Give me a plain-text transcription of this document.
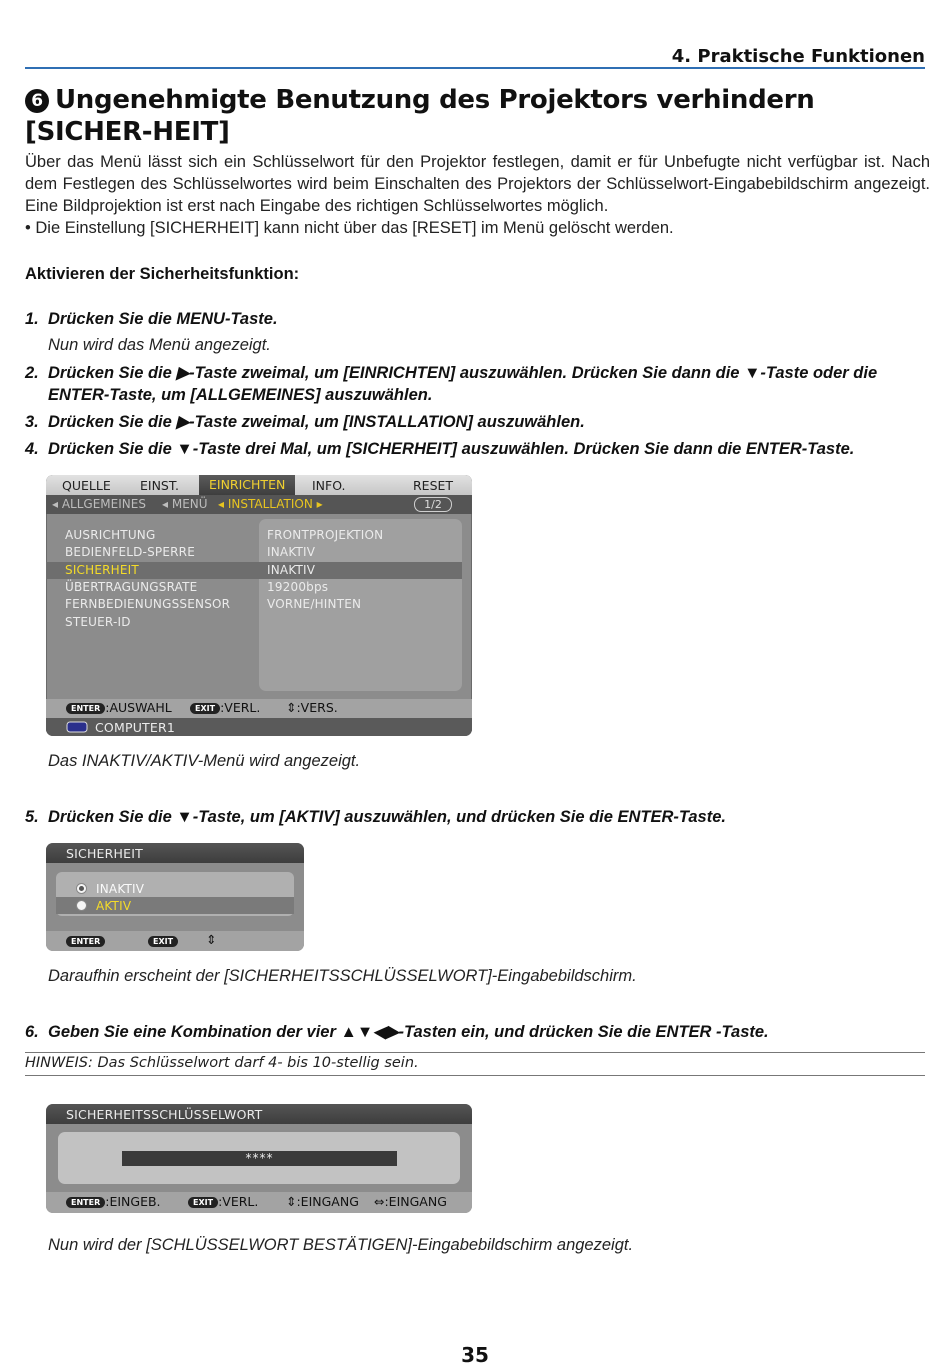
4. Praktische Funktionen
6 Ungenehmigte Benutzung des Projektors verhindern [SICHER-HEIT]

Über das Menü lässt sich ein Schlüsselwort für den Projektor festlegen, damit er für Unbefugte nicht verfügbar ist. Nach dem Festlegen des Schlüsselwortes wird beim Einschalten des Projektors der Schlüsselwort-Eingabebildschirm angezeigt. Eine Bildprojektion ist erst nach Eingabe des richtigen Schlüsselwortes möglich.

• Die Einstellung [SICHERHEIT] kann nicht über das [RESET] im Menü gelöscht werden.

Aktivieren der Sicherheitsfunktion:
1. Drücken Sie die MENU-Taste.
Nun wird das Menü angezeigt.
2. Drücken Sie die ▶-Taste zweimal, um [EINRICHTEN] auszuwählen. Drücken Sie dann die ▼-Taste oder die ENTER-Taste, um [ALLGEMEINES] auszuwählen.
3. Drücken Sie die ▶-Taste zweimal, um [INSTALLATION] auszuwählen.
4. Drücken Sie die ▼-Taste drei Mal, um [SICHERHEIT] auszuwählen. Drücken Sie dann die ENTER-Taste.
QUELLE EINST.	EINRICHTEN	INFO.	RESET
◂ ALLGEMEINES ◂ MENÜ ◂ INSTALLATION ▸	1/2
AUSRICHTUNG	FRONTPROJEKTION
BEDIENFELD-SPERRE	INAKTIV
SICHERHEIT	INAKTIV
ÜBERTRAGUNGSRATE	19200bps
FERNBEDIENUNGSSENSOR	VORNE/HINTEN
STEUER-ID
ENTER :AUSWAHL	EXIT :VERL. ⇕:VERS.
COMPUTER1
Das INAKTIV/AKTIV-Menü wird angezeigt.
5. Drücken Sie die ▼-Taste, um [AKTIV] auszuwählen, und drücken Sie die ENTER-Taste.
SICHERHEIT
INAKTIV
AKTIV
ENTER	EXIT	⇕
Daraufhin erscheint der [SICHERHEITSSCHLÜSSELWORT]-Eingabebildschirm.
6. Geben Sie eine Kombination der vier ▲▼◀▶-Tasten ein, und drücken Sie die ENTER -Taste.
HINWEIS: Das Schlüsselwort darf 4- bis 10-stellig sein.
SICHERHEITSSCHLÜSSELWORT
****
ENTER :EINGEB.	EXIT :VERL. ⇕:EINGANG ⇔:EINGANG
Nun wird der [SCHLÜSSELWORT BESTÄTIGEN]-Eingabebildschirm angezeigt.
35
